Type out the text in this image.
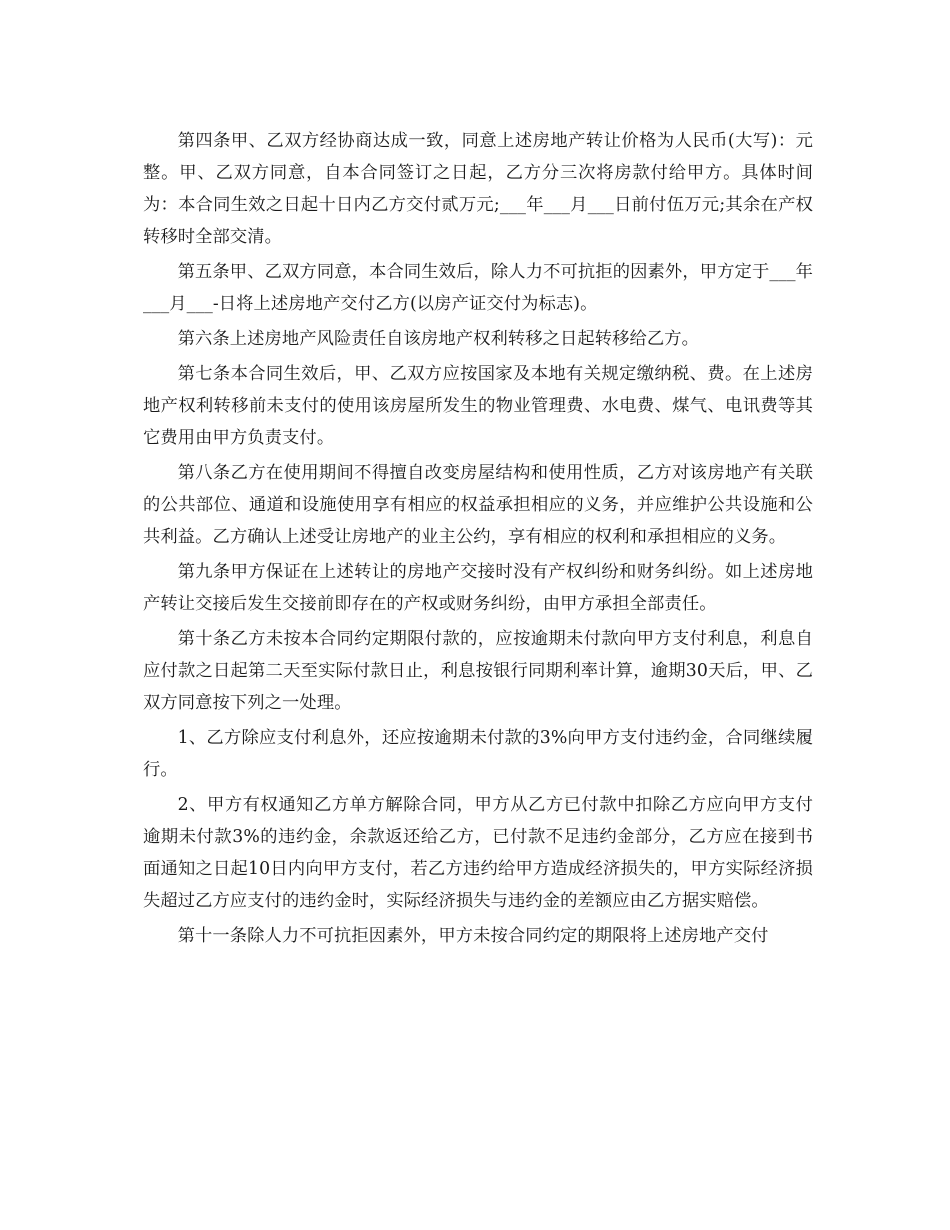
第四条甲、乙双方经协商达成一致，同意上述房地产转让价格为人民币(大写)：元整。甲、乙双方同意，自本合同签订之日起，乙方分三次将房款付给甲方。具体时间为：本合同生效之日起十日内乙方交付贰万元;___年___月___日前付伍万元;其余在产权转移时全部交清。

第五条甲、乙双方同意，本合同生效后，除人力不可抗拒的因素外，甲方定于___年___月___-日将上述房地产交付乙方(以房产证交付为标志)。

第六条上述房地产风险责任自该房地产权利转移之日起转移给乙方。

第七条本合同生效后，甲、乙双方应按国家及本地有关规定缴纳税、费。在上述房地产权利转移前未支付的使用该房屋所发生的物业管理费、水电费、煤气、电讯费等其它费用由甲方负责支付。

第八条乙方在使用期间不得擅自改变房屋结构和使用性质，乙方对该房地产有关联的公共部位、通道和设施使用享有相应的权益承担相应的义务，并应维护公共设施和公共利益。乙方确认上述受让房地产的业主公约，享有相应的权利和承担相应的义务。

第九条甲方保证在上述转让的房地产交接时没有产权纠纷和财务纠纷。如上述房地产转让交接后发生交接前即存在的产权或财务纠纷，由甲方承担全部责任。

第十条乙方未按本合同约定期限付款的，应按逾期未付款向甲方支付利息，利息自应付款之日起第二天至实际付款日止，利息按银行同期利率计算，逾期30天后，甲、乙双方同意按下列之一处理。

1、乙方除应支付利息外，还应按逾期未付款的3%向甲方支付违约金，合同继续履行。

2、甲方有权通知乙方单方解除合同，甲方从乙方已付款中扣除乙方应向甲方支付逾期未付款3%的违约金，余款返还给乙方，已付款不足违约金部分，乙方应在接到书面通知之日起10日内向甲方支付，若乙方违约给甲方造成经济损失的，甲方实际经济损失超过乙方应支付的违约金时，实际经济损失与违约金的差额应由乙方据实赔偿。

第十一条除人力不可抗拒因素外，甲方未按合同约定的期限将上述房地产交付
